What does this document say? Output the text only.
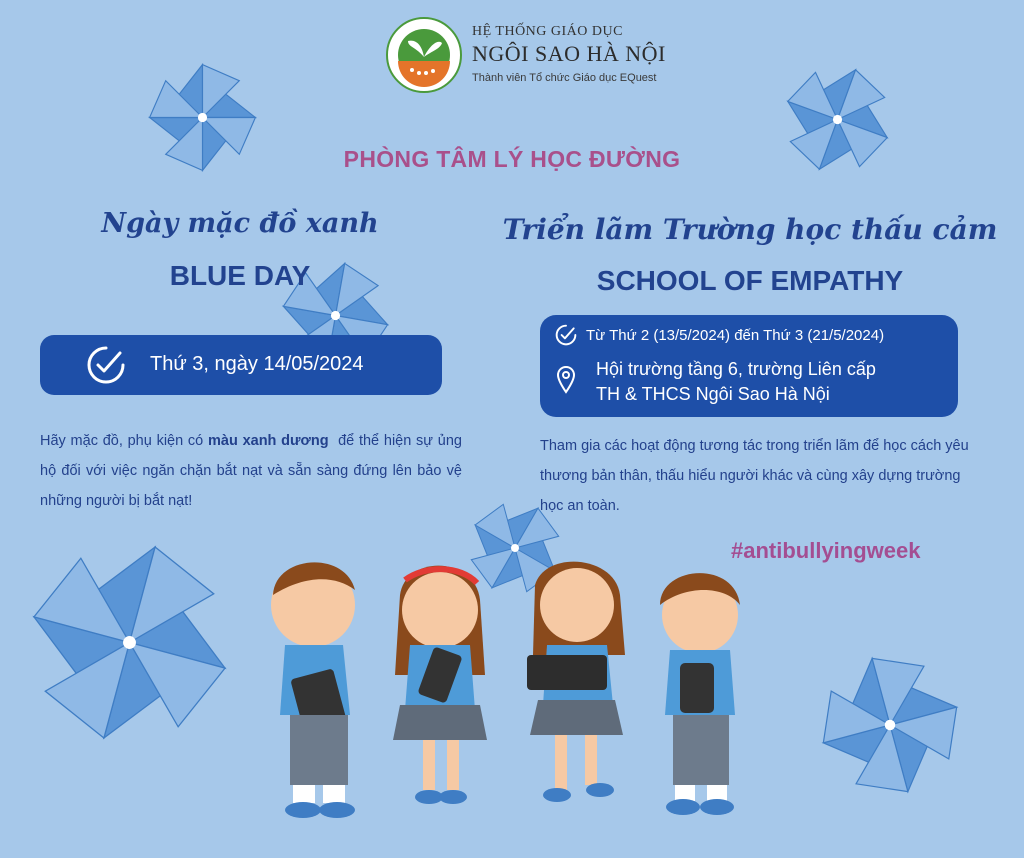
HỆ THỐNG GIÁO DỤC
NGÔI SAO HÀ NỘI
Thành viên Tổ chức Giáo dục EQuest
PHÒNG TÂM LÝ HỌC ĐƯỜNG
Ngày mặc đồ xanh
BLUE DAY
Thứ 3, ngày 14/05/2024
Hãy mặc đồ, phụ kiện có màu xanh dương  để thể hiện sự ủng hộ đối với việc ngăn chặn bắt nạt và sẵn sàng đứng lên bảo vệ những người bị bắt nạt!
Triển lãm Trường học thấu cảm
SCHOOL OF EMPATHY
Từ Thứ 2 (13/5/2024) đến Thứ 3 (21/5/2024)
Hội trường tầng 6, trường Liên cấp
TH & THCS Ngôi Sao Hà Nội
Tham gia các hoạt động tương tác trong triển lãm để học cách yêu thương bản thân, thấu hiểu người khác và cùng xây dựng trường học an toàn.
#antibullyingweek
